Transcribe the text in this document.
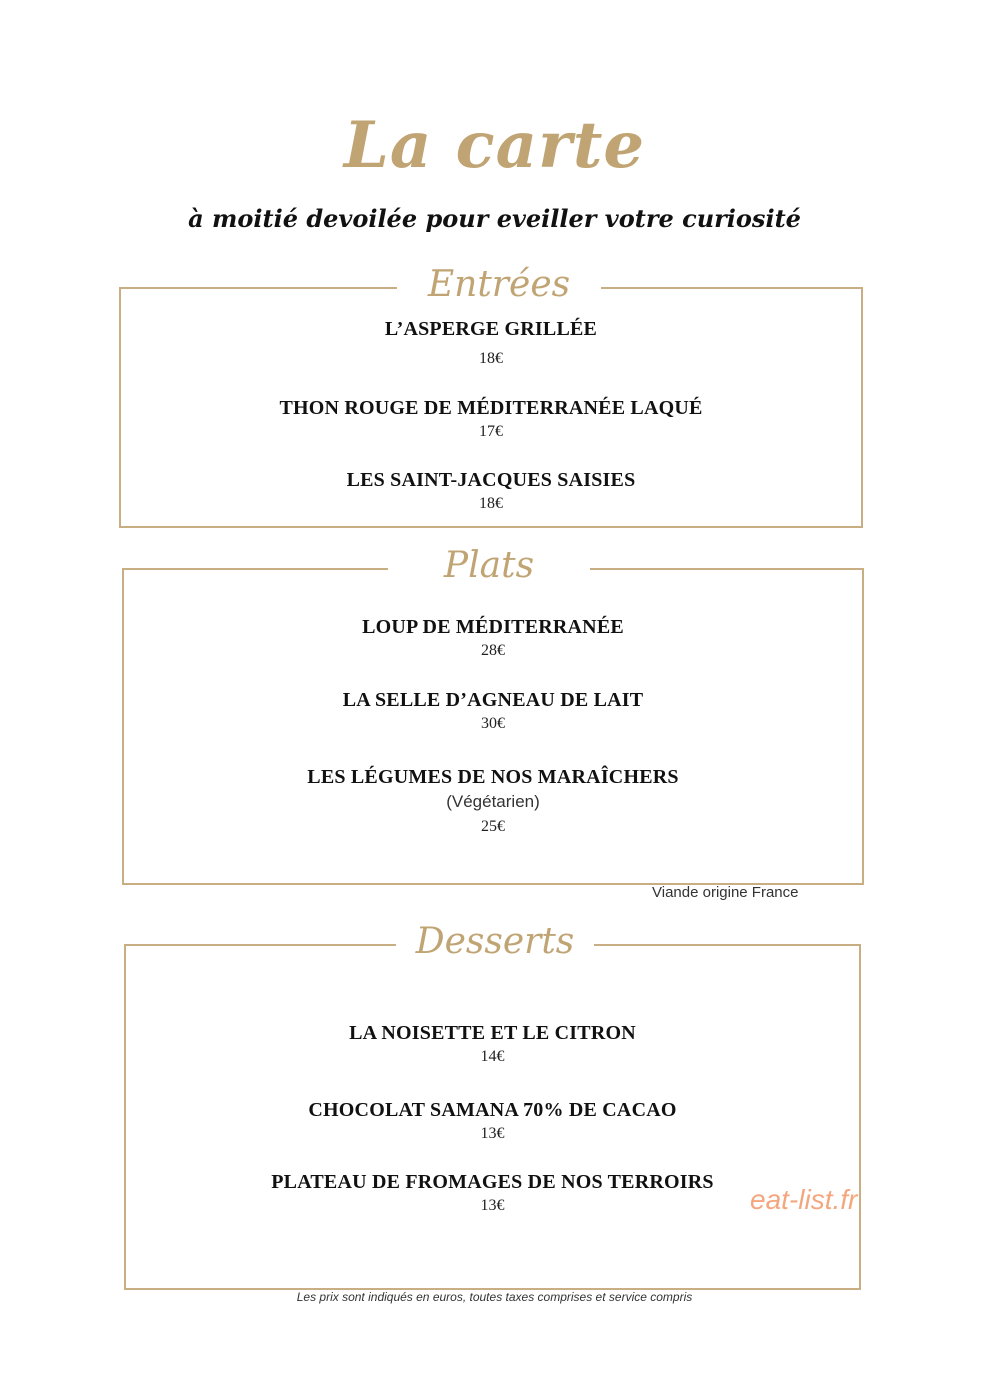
La carte
à moitié devoilée pour eveiller votre curiosité
Entrées
L’ASPERGE GRILLÉE
18€
THON ROUGE DE MÉDITERRANÉE LAQUÉ
17€
LES SAINT-JACQUES SAISIES
18€
Plats
LOUP DE MÉDITERRANÉE
28€
LA SELLE D’AGNEAU DE LAIT
30€
LES LÉGUMES DE NOS MARAÎCHERS
(Végétarien)
25€
Viande origine France
Desserts
LA NOISETTE ET LE CITRON
14€
CHOCOLAT SAMANA 70% DE CACAO
13€
PLATEAU DE FROMAGES DE NOS TERROIRS
13€	eat-list.fr
Les prix sont indiqués en euros, toutes taxes comprises et service compris
